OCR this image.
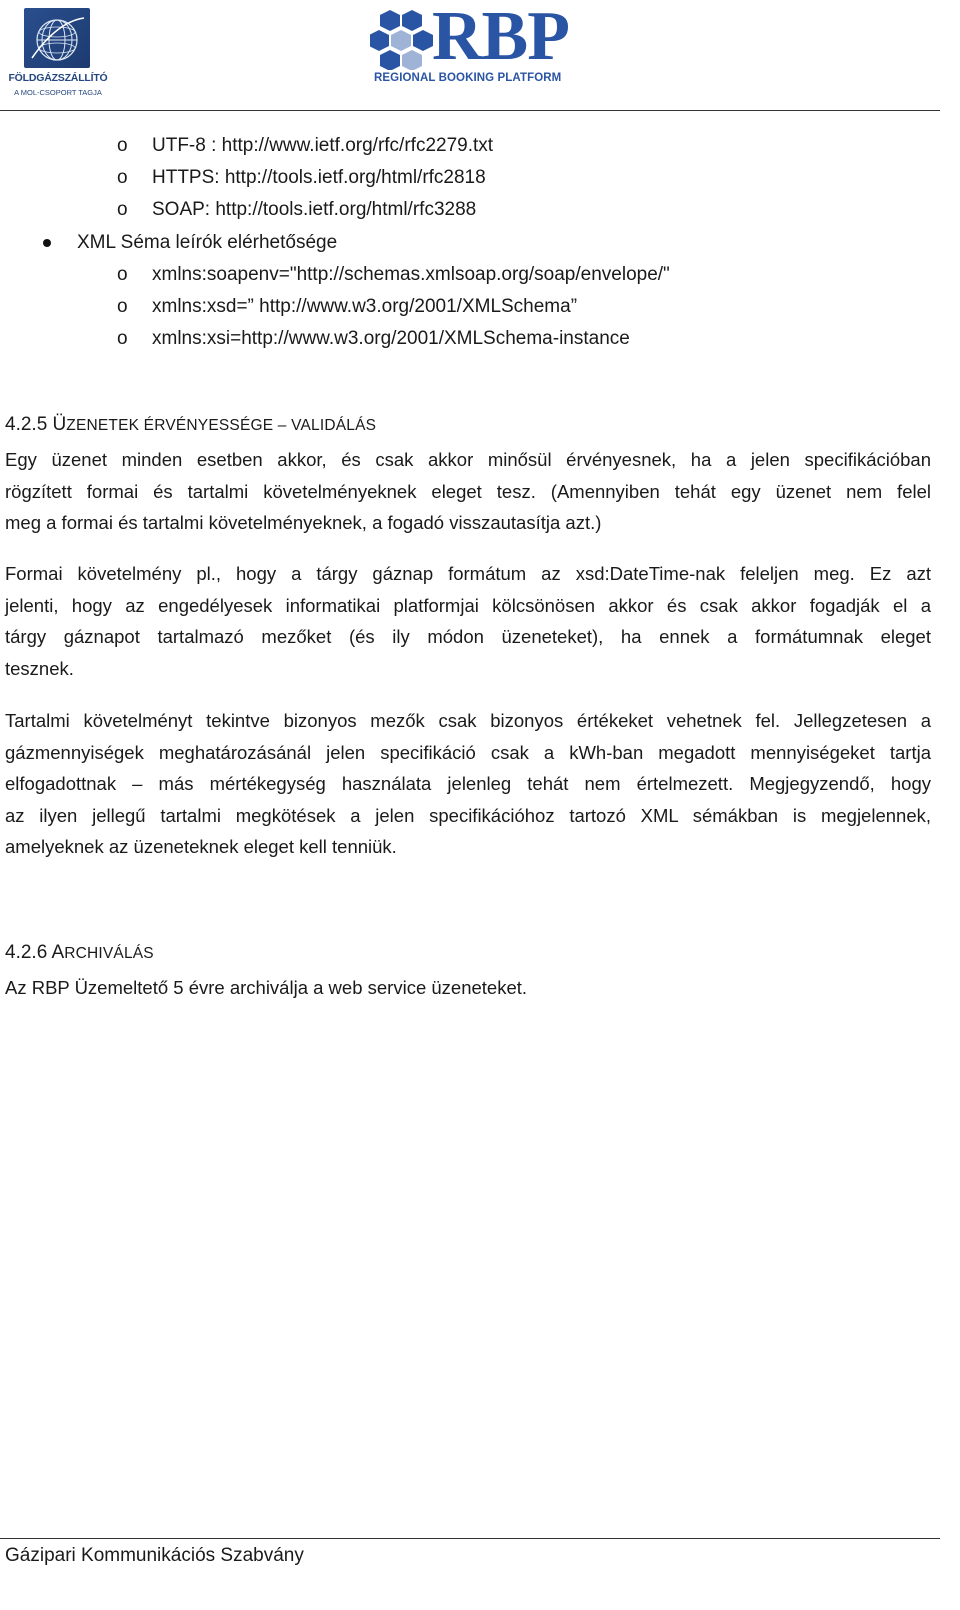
FÖLDGÁZSZÁLLÍTÓ
A MOL-CSOPORT TAGJA
RBP
REGIONAL BOOKING PLATFORM
o UTF-8 : http://www.ietf.org/rfc/rfc2279.txt
o HTTPS: http://tools.ietf.org/html/rfc2818
o SOAP: http://tools.ietf.org/html/rfc3288
XML Séma leírók elérhetősége
o xmlns:soapenv="http://schemas.xmlsoap.org/soap/envelope/"
o xmlns:xsd=” http://www.w3.org/2001/XMLSchema”
o xmlns:xsi=http://www.w3.org/2001/XMLSchema-instance
4.2.5 ÜZENETEK ÉRVÉNYESSÉGE – VALIDÁLÁS
Egy üzenet minden esetben akkor, és csak akkor minősül érvényesnek, ha a jelen specifikációban
rögzített formai és tartalmi követelményeknek eleget tesz. (Amennyiben tehát egy üzenet nem felel
meg a formai és tartalmi követelményeknek, a fogadó visszautasítja azt.)
Formai követelmény pl., hogy a tárgy gáznap formátum az xsd:DateTime-nak feleljen meg. Ez azt
jelenti, hogy az engedélyesek informatikai platformjai kölcsönösen akkor és csak akkor fogadják el a
tárgy gáznapot tartalmazó mezőket (és ily módon üzeneteket), ha ennek a formátumnak eleget
tesznek.
Tartalmi követelményt tekintve bizonyos mezők csak bizonyos értékeket vehetnek fel. Jellegzetesen a
gázmennyiségek meghatározásánál jelen specifikáció csak a kWh-ban megadott mennyiségeket tartja
elfogadottnak – más mértékegység használata jelenleg tehát nem értelmezett. Megjegyzendő, hogy
az ilyen jellegű tartalmi megkötések a jelen specifikációhoz tartozó XML sémákban is megjelennek,
amelyeknek az üzeneteknek eleget kell tenniük.
4.2.6 ARCHIVÁLÁS
Az RBP Üzemeltető 5 évre archiválja a web service üzeneteket.
Gázipari Kommunikációs Szabvány
